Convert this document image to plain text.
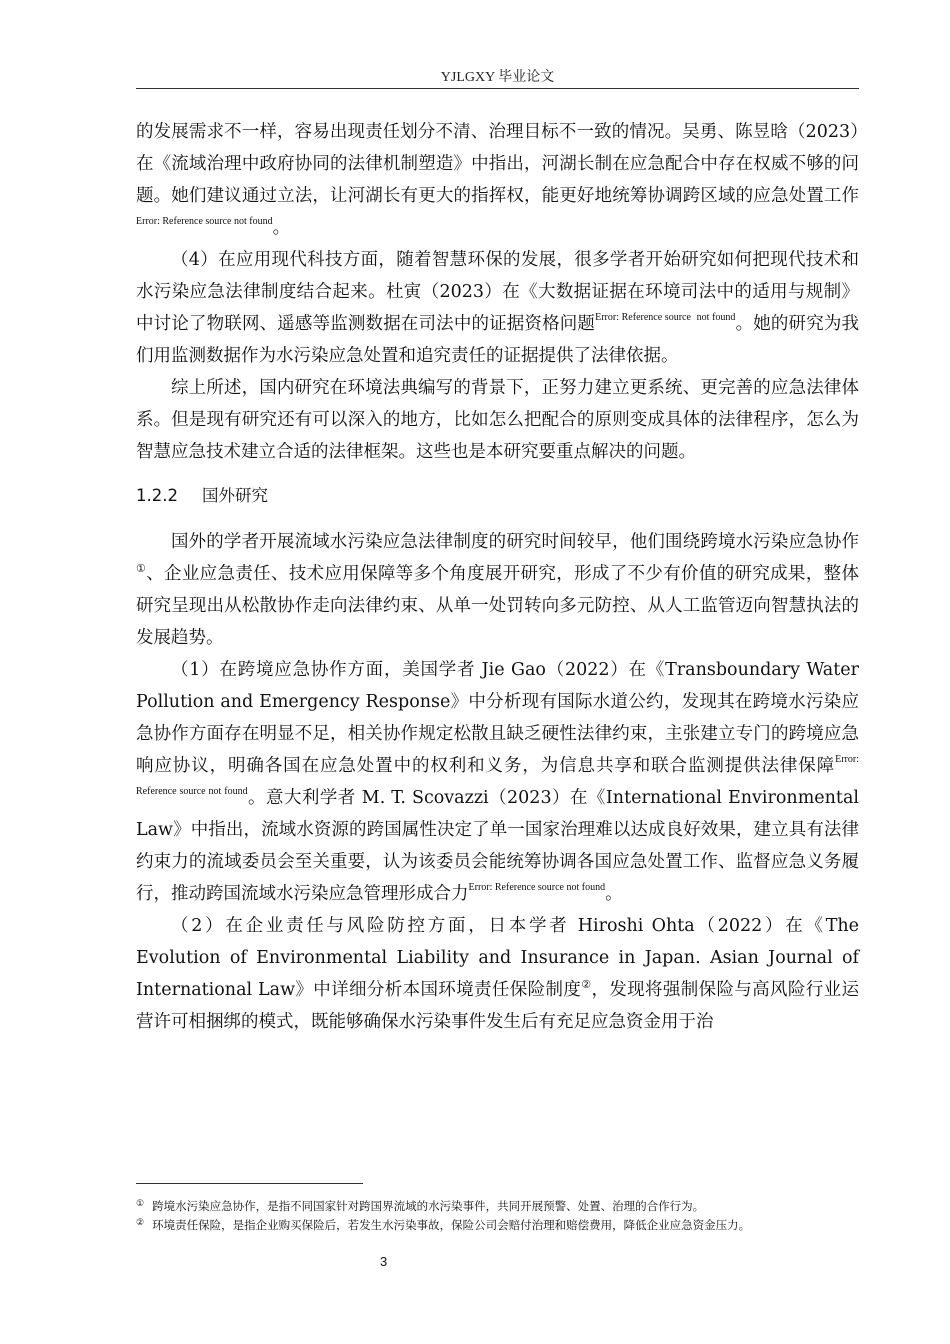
YJLGXY 毕业论文

的发展需求不一样，容易出现责任划分不清、治理目标不一致的情况。吴勇、陈昱晗（2023）在《流域治理中政府协同的法律机制塑造》中指出，河湖长制在应急配合中存在权威不够的问题。她们建议通过立法，让河湖长有更大的指挥权，能更好地统筹协调跨区域的应急处置工作$^{Error: Reference source not found}$。

（4）在应用现代科技方面，随着智慧环保的发展，很多学者开始研究如何把现代技术和水污染应急法律制度结合起来。杜寅（2023）在《大数据证据在环境司法中的适用与规制》中讨论了物联网、遥感等监测数据在司法中的证据资格问题$^{Error: Reference source}$ $^{not found}$。她的研究为我们用监测数据作为水污染应急处置和追究责任的证据提供了法律依据。

综上所述，国内研究在环境法典编写的背景下，正努力建立更系统、更完善的应急法律体系。但是现有研究还有可以深入的地方，比如怎么把配合的原则变成具体的法律程序，怎么为智慧应急技术建立合适的法律框架。这些也是本研究要重点解决的问题。

1.2.2 国外研究

国外的学者开展流域水污染应急法律制度的研究时间较早，他们围绕跨境水污染应急协作①、企业应急责任、技术应用保障等多个角度展开研究，形成了不少有价值的研究成果，整体研究呈现出从松散协作走向法律约束、从单一处罚转向多元防控、从人工监管迈向智慧执法的发展趋势。

（1）在跨境应急协作方面，美国学者 Jie Gao（2022）在《Transboundary Water Pollution and Emergency Response》中分析现有国际水道公约，发现其在跨境水污染应急协作方面存在明显不足，相关协作规定松散且缺乏硬性法律约束，主张建立专门的跨境应急响应协议，明确各国在应急处置中的权利和义务，为信息共享和联合监测提供法律保障$^{Error: Reference source not found}$。意大利学者 M. T. Scovazzi（2023）在《International Environmental Law》中指出，流域水资源的跨国属性决定了单一国家治理难以达成良好效果，建立具有法律约束力的流域委员会至关重要，认为该委员会能统筹协调各国应急处置工作、监督应急义务履行，推动跨国流域水污染应急管理形成合力$^{Error: Reference source not found}$。

（2）在企业责任与风险防控方面，日本学者 Hiroshi Ohta（2022）在《The Evolution of Environmental Liability and Insurance in Japan. Asian Journal of International Law》中详细分析本国环境责任保险制度②，发现将强制保险与高风险行业运营许可相捆绑的模式，既能够确保水污染事件发生后有充足应急资金用于治

① 跨境水污染应急协作，是指不同国家针对跨国界流域的水污染事件，共同开展预警、处置、治理的合作行为。

② 环境责任保险，是指企业购买保险后，若发生水污染事故，保险公司会赔付治理和赔偿费用，降低企业应急资金压力。

3
